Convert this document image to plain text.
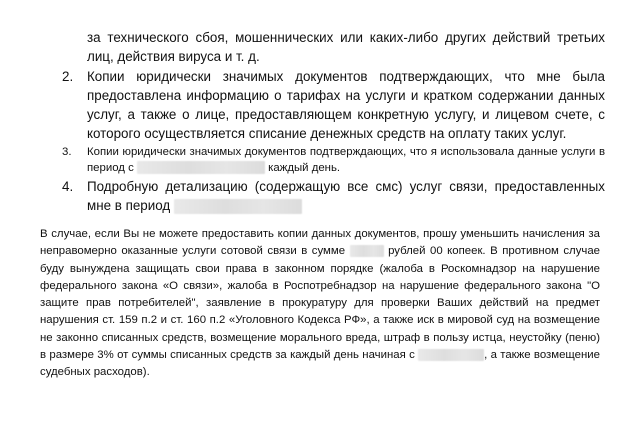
за технического сбоя, мошеннических или каких-либо других действий третьих лиц, действия вируса и т. д.
2. Копии юридически значимых документов подтверждающих, что мне была предоставлена информацию о тарифах на услуги и кратком содержании данных услуг, а также о лице, предоставляющем конкретную услугу, и лицевом счете, с которого осуществляется списание денежных средств на оплату таких услуг.
3. Копии юридически значимых документов подтверждающих, что я использовала данные услуги в период с	каждый день.
4. Подробную детализацию (содержащую все смс) услуг связи, предоставленных мне в период
В случае, если Вы не можете предоставить копии данных документов, прошу уменьшить начисления за неправомерно оказанные услуги сотовой связи в сумме	рублей 00 копеек. В противном случае буду вынуждена защищать свои права в законном порядке (жалоба в Роскомнадзор на нарушение федерального закона «О связи», жалоба в Роспотребнадзор на нарушение федерального закона "О защите прав потребителей", заявление в прокуратуру для проверки Ваших действий на предмет нарушения ст. 159 п.2 и ст. 160 п.2 «Уголовного Кодекса РФ», а также иск в мировой суд на возмещение не законно списанных средств, возмещение морального вреда, штраф в пользу истца, неустойку (пеню) в размере 3% от суммы списанных средств за каждый день начиная с	, а также возмещение судебных расходов).
